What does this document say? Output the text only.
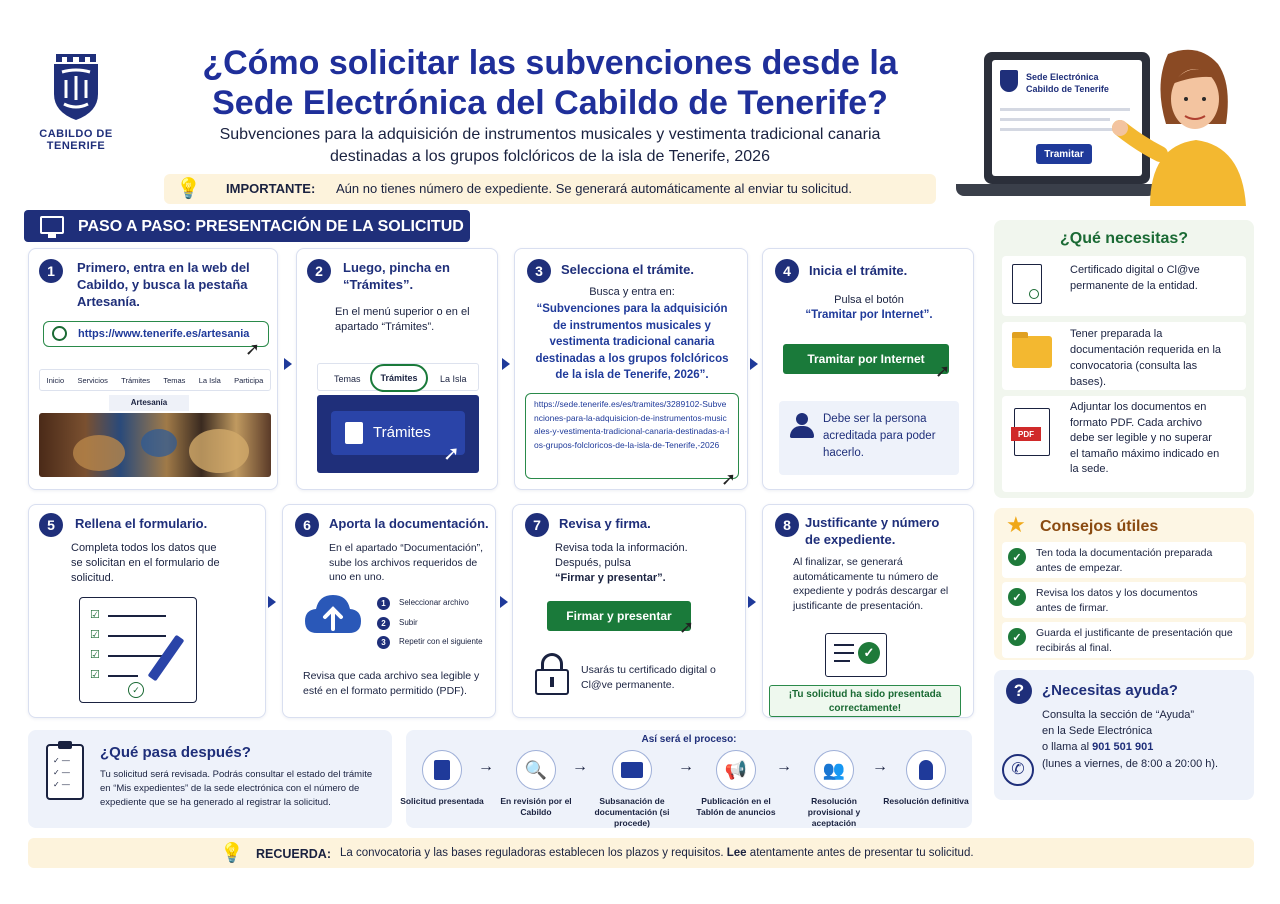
CABILDO DE TENERIFE
¿Cómo solicitar las subvenciones desde la
Sede Electrónica del Cabildo de Tenerife?
Subvenciones para la adquisición de instrumentos musicales y vestimenta tradicional canaria
destinadas a los grupos folclóricos de la isla de Tenerife, 2026
💡 IMPORTANTE: Aún no tienes número de expediente. Se generará automáticamente al enviar tu solicitud.
Sede Electrónica
Cabildo de Tenerife
Tramitar
PASO A PASO: PRESENTACIÓN DE LA SOLICITUD
1	Primero, entra en la web del Cabildo, y busca la pestaña Artesanía.
https://www.tenerife.es/artesania
➚
Inicio Servicios Trámites Temas La Isla Participa
Artesanía
2	Luego, pincha en
“Trámites”.
En el menú superior o en el apartado “Trámites”.
Temas	Trámites	La Isla
Trámites
➚
3	Selecciona el trámite.
Busca y entra en:
“Subvenciones para la adquisición de instrumentos musicales y vestimenta tradicional canaria destinadas a los grupos folclóricos de la isla de Tenerife, 2026”.
https://sede.tenerife.es/es/tramites/3289102-Subvenciones-para-la-adquisicion-de-instrumentos-musicales-y-vestimenta-tradicional-canaria-destinadas-a-los-grupos-folcloricos-de-la-isla-de-Tenerife,-2026
➚
4	Inicia el trámite.
Pulsa el botón
“Tramitar por Internet”.
Tramitar por Internet
➚
Debe ser la persona acreditada para poder hacerlo.
¿Qué necesitas?
Certificado digital o Cl@ve permanente de la entidad.
Tener preparada la documentación requerida en la convocatoria (consulta las bases).
PDF
Adjuntar los documentos en formato PDF. Cada archivo debe ser legible y no superar el tamaño máximo indicado en la sede.
5	Rellena el formulario.
Completa todos los datos que se solicitan en el formulario de solicitud.
☑
☑
☑
☑
✓
6	Aporta la documentación.
En el apartado “Documentación”, sube los archivos requeridos de uno en uno.
1	Seleccionar archivo
2	Subir
3	Repetir con el siguiente
Revisa que cada archivo sea legible y esté en el formato permitido (PDF).
7	Revisa y firma.
Revisa toda la información.
Después, pulsa
“Firmar y presentar”.
Firmar y presentar
➚
Usarás tu certificado digital o Cl@ve permanente.
8	Justificante y número
de expediente.
Al finalizar, se generará automáticamente tu número de expediente y podrás descargar el justificante de presentación.
✓
¡Tu solicitud ha sido presentada correctamente!
★ Consejos útiles
✓	Ten toda la documentación preparada antes de empezar.
✓	Revisa los datos y los documentos antes de firmar.
✓	Guarda el justificante de presentación que recibirás al final.
?	¿Necesitas ayuda?
✆
Consulta la sección de “Ayuda”
en la Sede Electrónica
o llama al 901 501 901
(lunes a viernes, de 8:00 a 20:00 h).
✓ —
✓ —
✓ —
¿Qué pasa después?
Tu solicitud será revisada. Podrás consultar el estado del trámite en “Mis expedientes” de la sede electrónica con el número de expediente que se ha generado al registrar la solicitud.
Así será el proceso:
Solicitud presentada
→ 🔍
En revisión por el Cabildo
→
Subsanación de documentación (si procede)
→ 📢
Publicación en el Tablón de anuncios
→ 👥
Resolución provisional y aceptación
→
Resolución definitiva
💡 RECUERDA: La convocatoria y las bases reguladoras establecen los plazos y requisitos. Lee atentamente antes de presentar tu solicitud.
